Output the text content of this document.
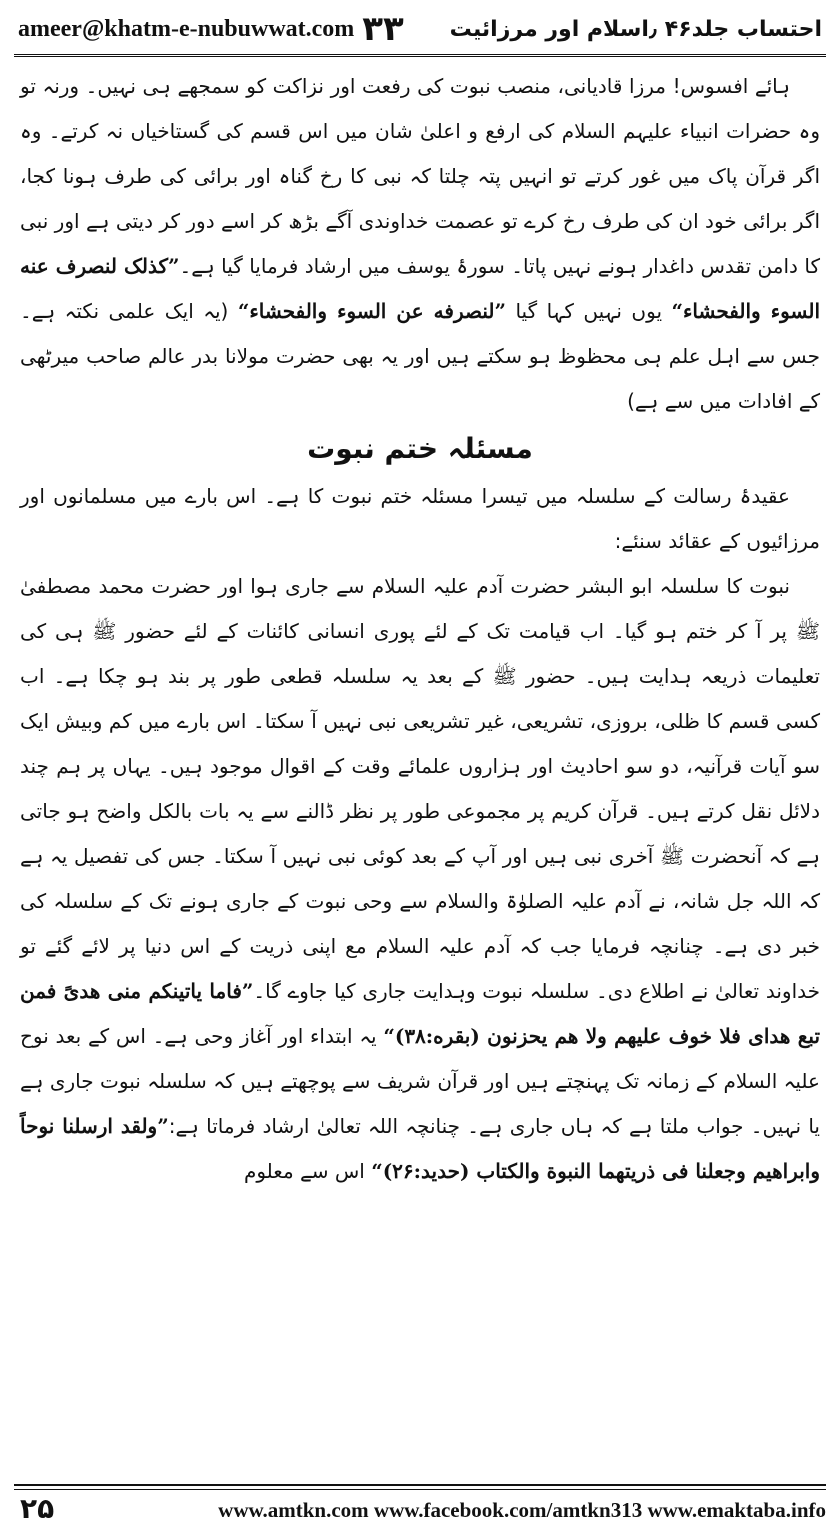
ameer@khatm-e-nubuwwat.com ۳۳ احتساب جلد۴۶ ٫اسلام اور مرزائیت

ہائے افسوس! مرزا قادیانی، منصب نبوت کی رفعت اور نزاکت کو سمجھے ہی نہیں۔ ورنہ تو وہ حضرات انبیاء علیہم السلام کی ارفع و اعلیٰ شان میں اس قسم کی گستاخیاں نہ کرتے۔ وہ اگر قرآن پاک میں غور کرتے تو انہیں پتہ چلتا کہ نبی کا رخ گناہ اور برائی کی طرف ہونا کجا، اگر برائی خود ان کی طرف رخ کرے تو عصمت خداوندی آگے بڑھ کر اسے دور کر دیتی ہے اور نبی کا دامن تقدس داغدار ہونے نہیں پاتا۔ سورۂ یوسف میں ارشاد فرمایا گیا ہے۔”کذلک لنصرف عنه السوء والفحشاء“ یوں نہیں کہا گیا ”لنصرفه عن السوء والفحشاء“ (یہ ایک علمی نکتہ ہے۔ جس سے اہل علم ہی محظوظ ہو سکتے ہیں اور یہ بھی حضرت مولانا بدر عالم صاحب میرٹھی کے افادات میں سے ہے)

مسئلہ ختم نبوت

عقیدۂ رسالت کے سلسلہ میں تیسرا مسئلہ ختم نبوت کا ہے۔ اس بارے میں مسلمانوں اور مرزائیوں کے عقائد سنئے:

نبوت کا سلسلہ ابو البشر حضرت آدم علیہ السلام سے جاری ہوا اور حضرت محمد مصطفیٰ ﷺ پر آ کر ختم ہو گیا۔ اب قیامت تک کے لئے پوری انسانی کائنات کے لئے حضور ﷺ ہی کی تعلیمات ذریعہ ہدایت ہیں۔ حضور ﷺ کے بعد یہ سلسلہ قطعی طور پر بند ہو چکا ہے۔ اب کسی قسم کا ظلی، بروزی، تشریعی، غیر تشریعی نبی نہیں آ سکتا۔ اس بارے میں کم وبیش ایک سو آیات قرآنیہ، دو سو احادیث اور ہزاروں علمائے وقت کے اقوال موجود ہیں۔ یہاں پر ہم چند دلائل نقل کرتے ہیں۔ قرآن کریم پر مجموعی طور پر نظر ڈالنے سے یہ بات بالکل واضح ہو جاتی ہے کہ آنحضرت ﷺ آخری نبی ہیں اور آپ کے بعد کوئی نبی نہیں آ سکتا۔ جس کی تفصیل یہ ہے کہ اللہ جل شانہ، نے آدم علیہ الصلوٰۃ والسلام سے وحی نبوت کے جاری ہونے تک کے سلسلہ کی خبر دی ہے۔ چنانچہ فرمایا جب کہ آدم علیہ السلام مع اپنی ذریت کے اس دنیا پر لائے گئے تو خداوند تعالیٰ نے اطلاع دی۔ سلسلہ نبوت وہدایت جاری کیا جاوے گا۔”فاما یاتینکم منی هدیً فمن تبع هدای فلا خوف علیهم ولا هم یحزنون (بقره:۳۸)“ یہ ابتداء اور آغاز وحی ہے۔ اس کے بعد نوح علیہ السلام کے زمانہ تک پہنچتے ہیں اور قرآن شریف سے پوچھتے ہیں کہ سلسلہ نبوت جاری ہے یا نہیں۔ جواب ملتا ہے کہ ہاں جاری ہے۔ چنانچہ اللہ تعالیٰ ارشاد فرماتا ہے:”ولقد ارسلنا نوحاً وابراهیم وجعلنا فی ذریتهما النبوة والکتاب (حدید:۲۶)“ اس سے معلوم

۲۵	www.amtkn.com www.facebook.com/amtkn313 www.emaktaba.info
